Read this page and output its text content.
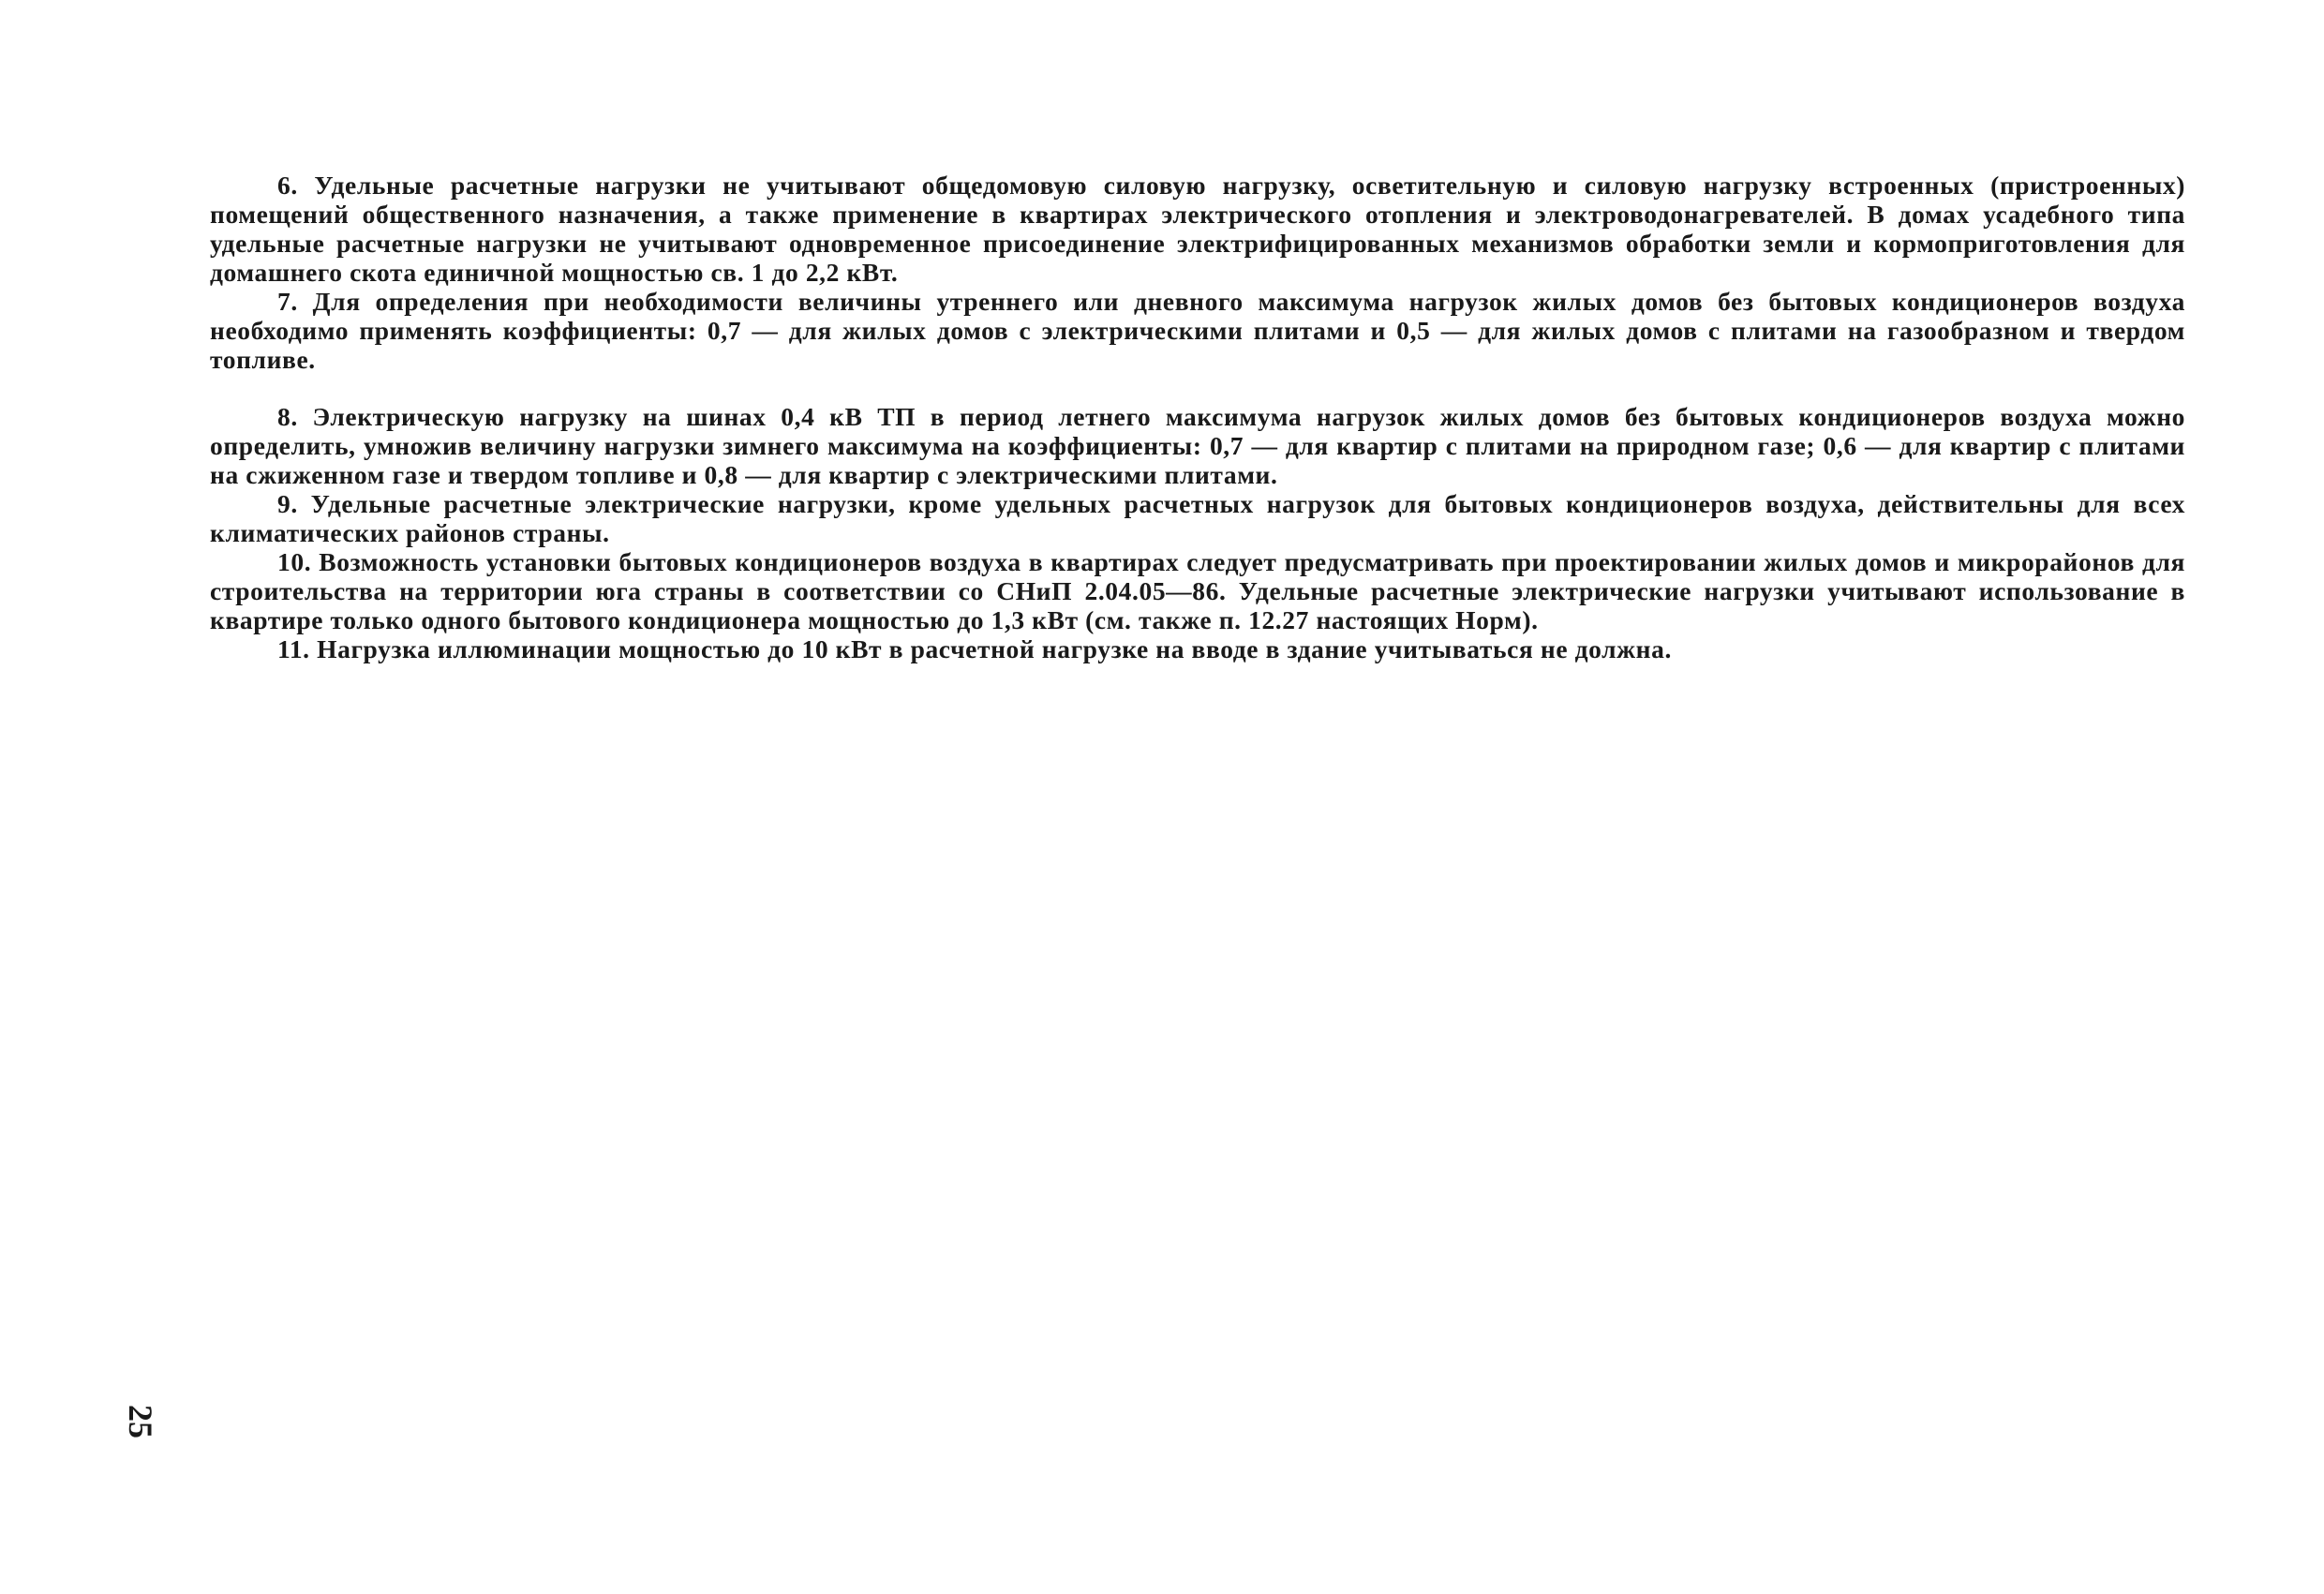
6. Удельные расчетные нагрузки не учитывают общедомовую силовую нагрузку, осветительную и силовую нагрузку встроенных (пристроенных) помещений общественного назначения, а также применение в квартирах электрического отопления и электроводонагревателей. В домах усадебного типа удельные расчетные нагрузки не учитывают одновременное присоединение электрифицированных механизмов обработки земли и кормоприготовления для домашнего скота единичной мощностью св. 1 до 2,2 кВт.

7. Для определения при необходимости величины утреннего или дневного максимума нагрузок жилых домов без бытовых кондиционеров воздуха необходимо применять коэффициенты: 0,7 — для жилых домов с электрическими плитами и 0,5 — для жилых домов с плитами на газообразном и твердом топливе.

8. Электрическую нагрузку на шинах 0,4 кВ ТП в период летнего максимума нагрузок жилых домов без бытовых кондиционеров воздуха можно определить, умножив величину нагрузки зимнего максимума на коэффициенты: 0,7 — для квартир с плитами на природном газе; 0,6 — для квартир с плитами на сжиженном газе и твердом топливе и 0,8 — для квартир с электрическими плитами.

9. Удельные расчетные электрические нагрузки, кроме удельных расчетных нагрузок для бытовых кондиционеров воздуха, действительны для всех климатических районов страны.

10. Возможность установки бытовых кондиционеров воздуха в квартирах следует предусматривать при проектировании жилых домов и микрорайонов для строительства на территории юга страны в соответствии со СНиП 2.04.05—86. Удельные расчетные электрические нагрузки учитывают использование в квартире только одного бытового кондиционера мощностью до 1,3 кВт (см. также п. 12.27 настоящих Норм).

11. Нагрузка иллюминации мощностью до 10 кВт в расчетной нагрузке на вводе в здание учитываться не должна.

25
